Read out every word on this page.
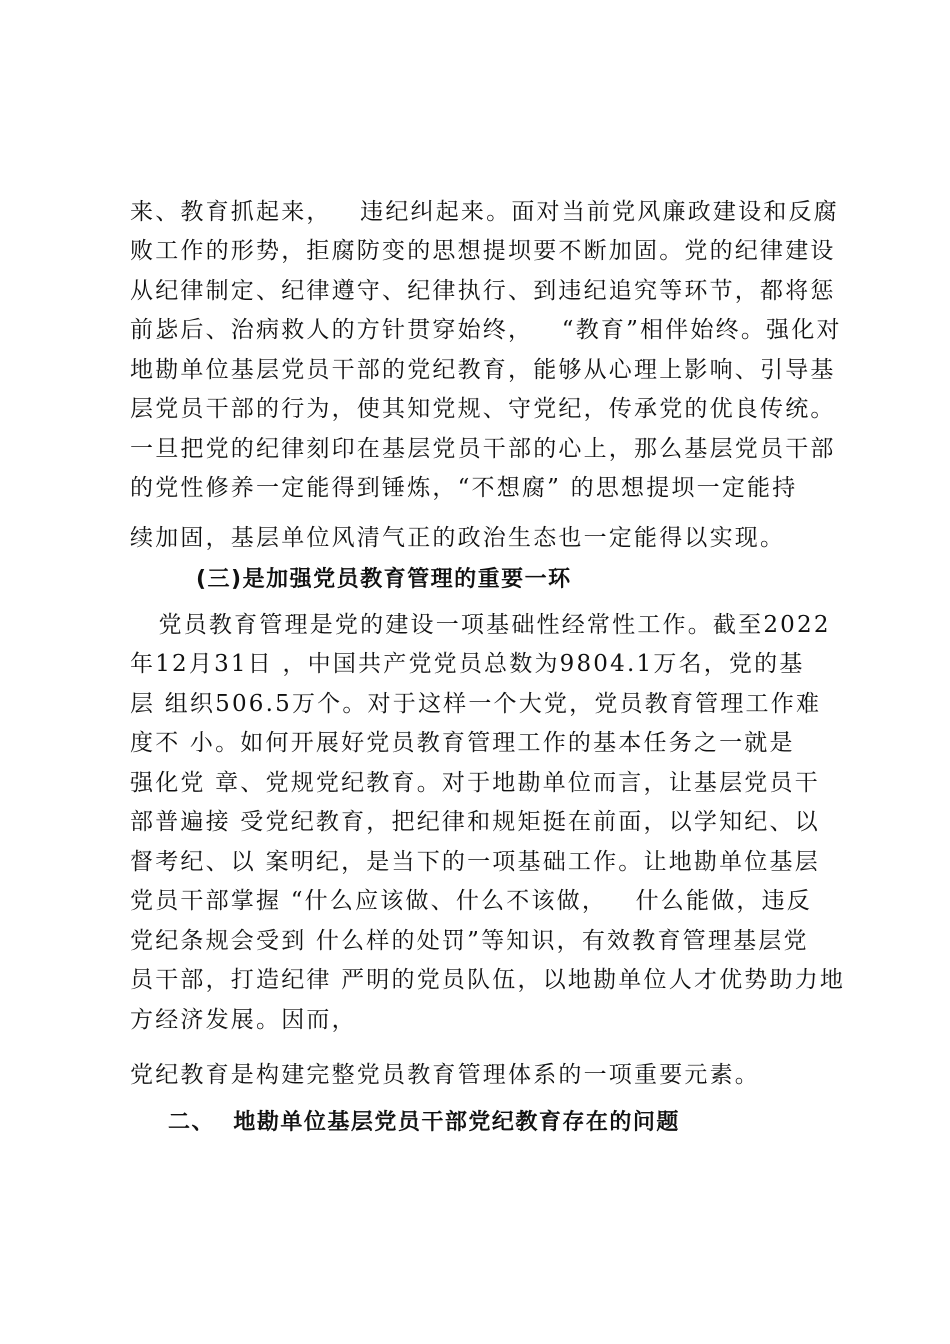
来、教育抓起来，   违纪纠起来。面对当前党风廉政建设和反腐
败工作的形势，拒腐防变的思想提坝要不断加固。党的纪律建设
从纪律制定、纪律遵守、纪律执行、到违纪追究等环节，都将惩
前毖后、治病救人的方针贯穿始终，   “教育”相伴始终。强化对
地勘单位基层党员干部的党纪教育，能够从心理上影响、引导基
层党员干部的行为，使其知党规、守党纪，传承党的优良传统。
一旦把党的纪律刻印在基层党员干部的心上，那么基层党员干部
的党性修养一定能得到锤炼，“不想腐” 的思想提坝一定能持
续加固，基层单位风清气正的政治生态也一定能得以实现。
(三)是加强党员教育管理的重要一环
党员教育管理是党的建设一项基础性经常性工作。截至2022
年12月31日 ，中国共产党党员总数为9804.1万名，党的基
层 组织506.5万个。对于这样一个大党，党员教育管理工作难
度不 小。如何开展好党员教育管理工作的基本任务之一就是
强化党 章、党规党纪教育。对于地勘单位而言，让基层党员干
部普遍接 受党纪教育，把纪律和规矩挺在前面，以学知纪、以
督考纪、以 案明纪，是当下的一项基础工作。让地勘单位基层
党员干部掌握 “什么应该做、什么不该做，   什么能做，违反
党纪条规会受到 什么样的处罚”等知识，有效教育管理基层党
员干部，打造纪律 严明的党员队伍，以地勘单位人才优势助力地
方经济发展。因而，
党纪教育是构建完整党员教育管理体系的一项重要元素。
二、  地勘单位基层党员干部党纪教育存在的问题
